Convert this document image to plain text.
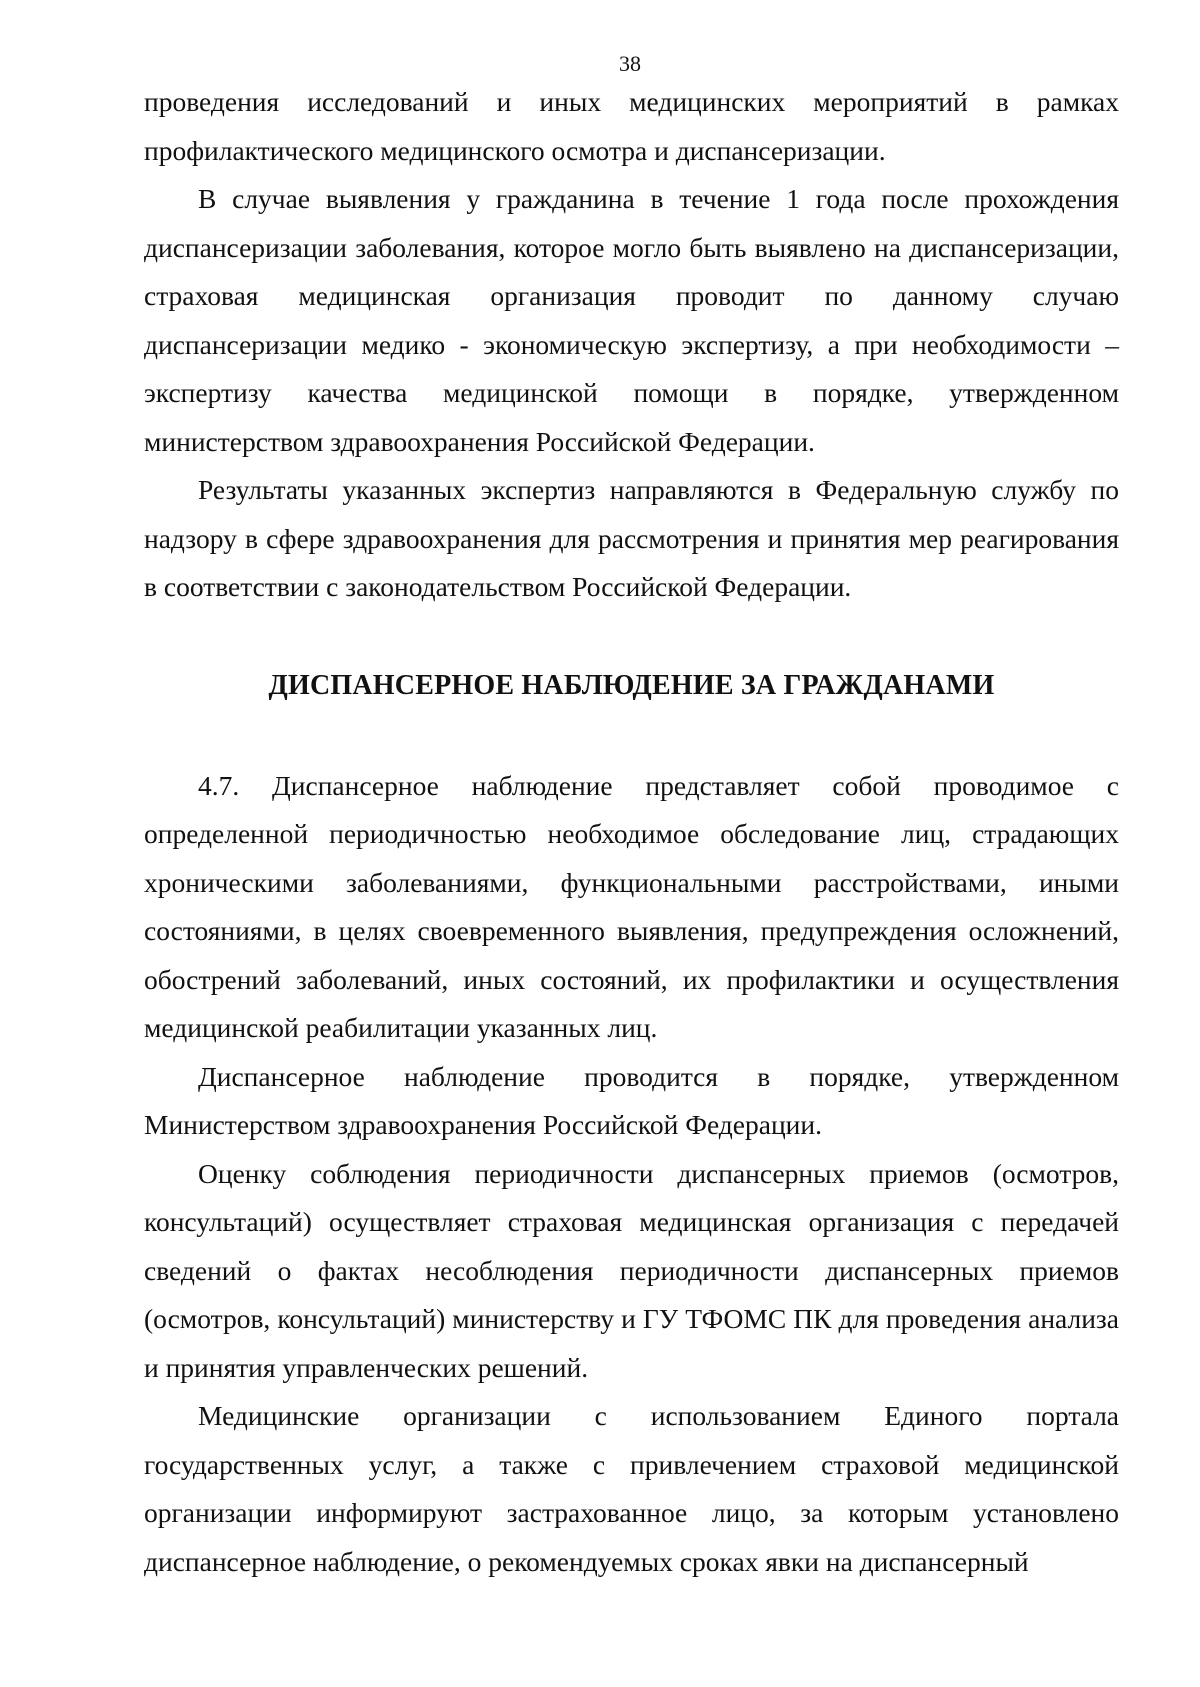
38

проведения исследований и иных медицинских мероприятий в рамках профилактического медицинского осмотра и диспансеризации.

В случае выявления у гражданина в течение 1 года после прохождения диспансеризации заболевания, которое могло быть выявлено на диспансеризации, страховая медицинская организация проводит по данному случаю диспансеризации медико - экономическую экспертизу, а при необходимости – экспертизу качества медицинской помощи в порядке, утвержденном министерством здравоохранения Российской Федерации.

Результаты указанных экспертиз направляются в Федеральную службу по надзору в сфере здравоохранения для рассмотрения и принятия мер реагирования в соответствии с законодательством Российской Федерации.

ДИСПАНСЕРНОЕ НАБЛЮДЕНИЕ ЗА ГРАЖДАНАМИ

4.7. Диспансерное наблюдение представляет собой проводимое с определенной периодичностью необходимое обследование лиц, страдающих хроническими заболеваниями, функциональными расстройствами, иными состояниями, в целях своевременного выявления, предупреждения осложнений, обострений заболеваний, иных состояний, их профилактики и осуществления медицинской реабилитации указанных лиц.

Диспансерное наблюдение проводится в порядке, утвержденном Министерством здравоохранения Российской Федерации.

Оценку соблюдения периодичности диспансерных приемов (осмотров, консультаций) осуществляет страховая медицинская организация с передачей сведений о фактах несоблюдения периодичности диспансерных приемов (осмотров, консультаций) министерству и ГУ ТФОМС ПК для проведения анализа и принятия управленческих решений.

Медицинские организации с использованием Единого портала государственных услуг, а также с привлечением страховой медицинской организации информируют застрахованное лицо, за которым установлено диспансерное наблюдение, о рекомендуемых сроках явки на диспансерный
